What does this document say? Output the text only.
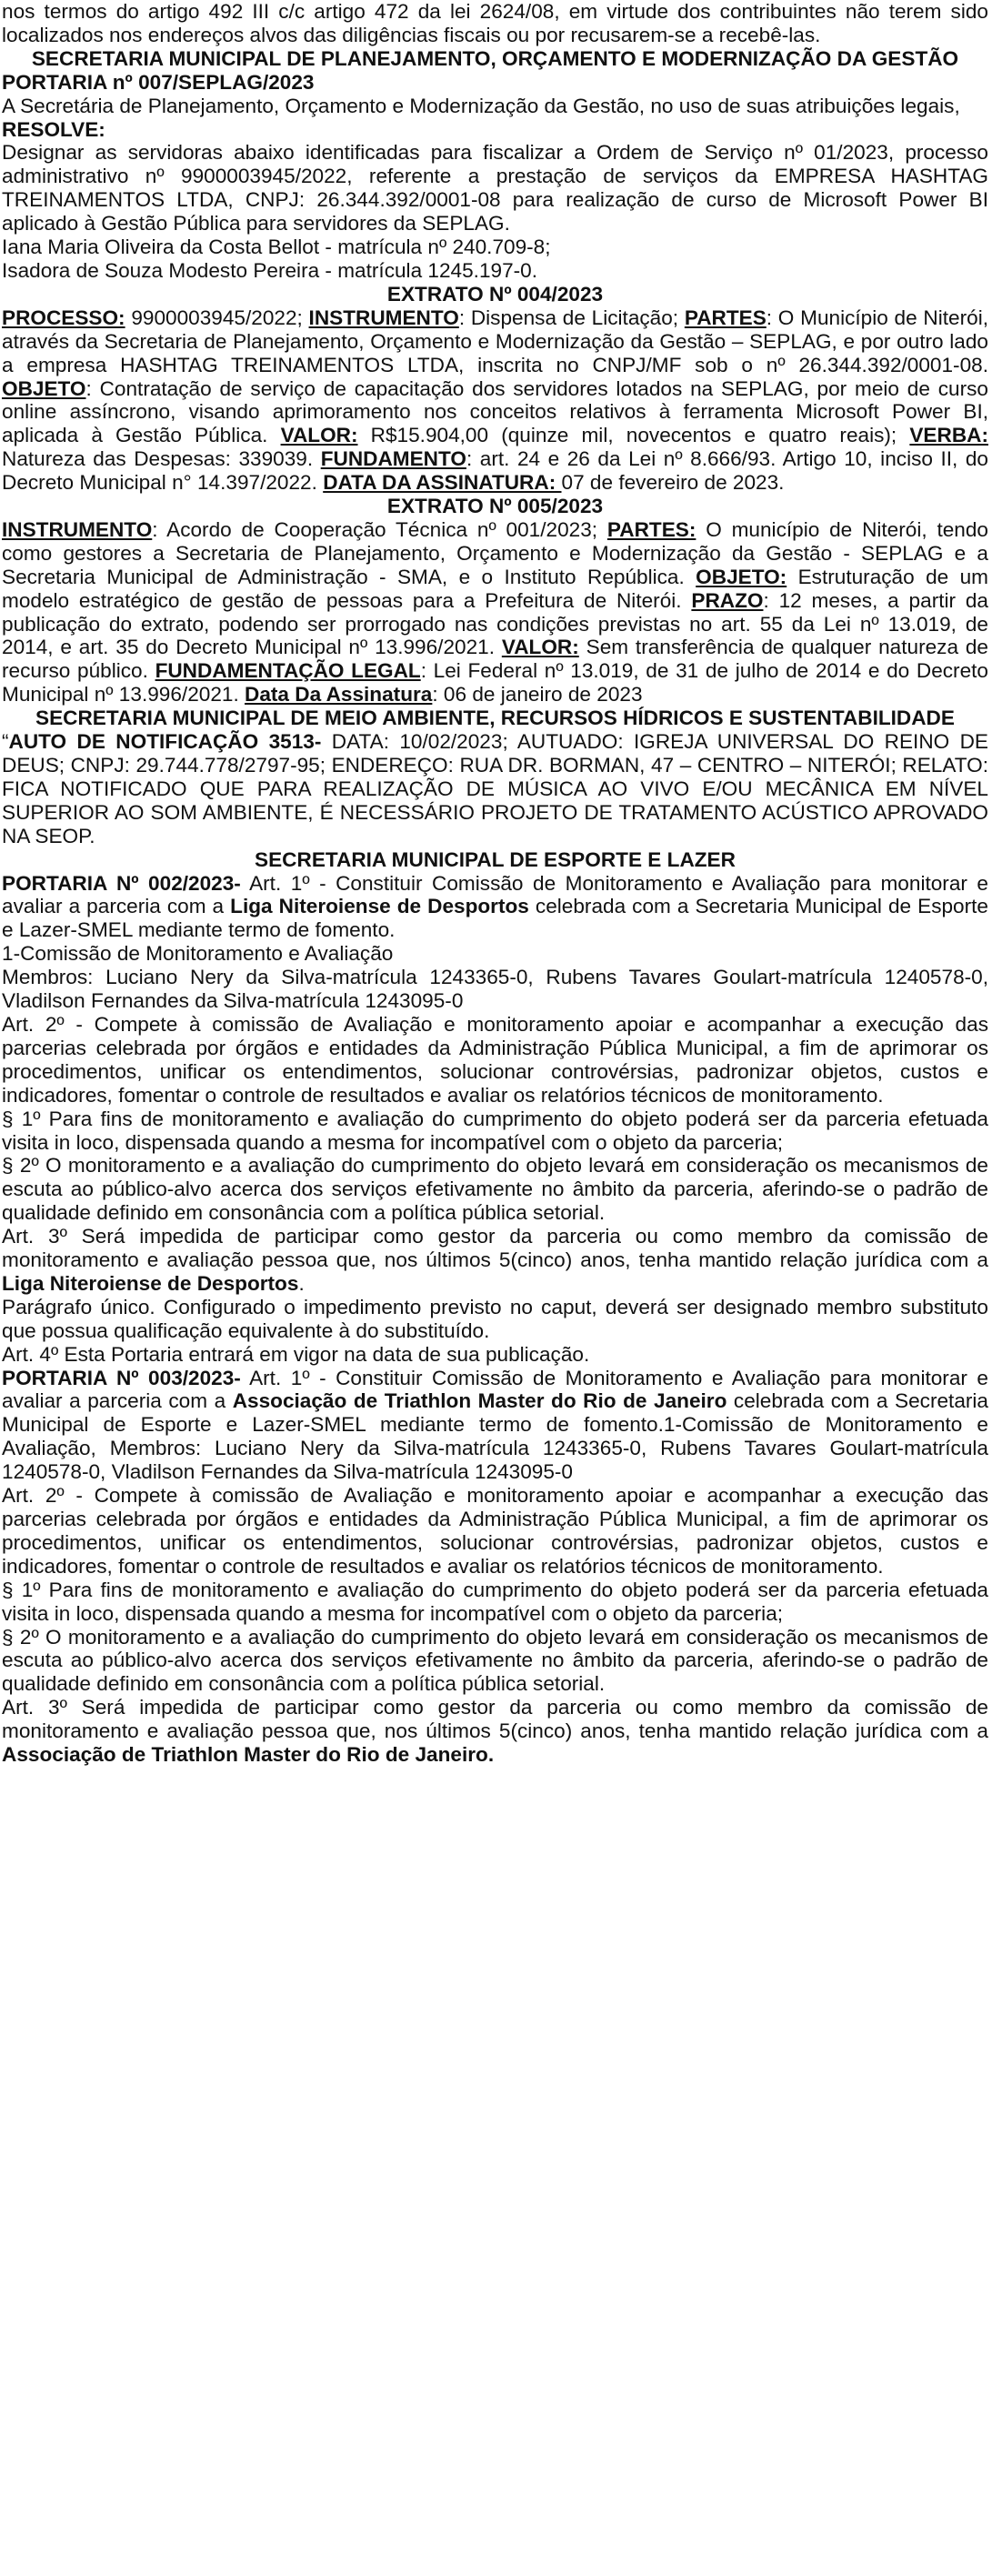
nos termos do artigo 492 III c/c artigo 472 da lei 2624/08, em virtude dos contribuintes não terem sido localizados nos endereços alvos das diligências fiscais ou por recusarem-se a recebê-las.

SECRETARIA MUNICIPAL DE PLANEJAMENTO, ORÇAMENTO E MODERNIZAÇÃO DA GESTÃO

PORTARIA nº 007/SEPLAG/2023

A Secretária de Planejamento, Orçamento e Modernização da Gestão, no uso de suas atribuições legais,

RESOLVE:

Designar as servidoras abaixo identificadas para fiscalizar a Ordem de Serviço nº 01/2023, processo administrativo nº 9900003945/2022, referente a prestação de serviços da EMPRESA HASHTAG TREINAMENTOS LTDA, CNPJ: 26.344.392/0001-08 para realização de curso de Microsoft Power BI aplicado à Gestão Pública para servidores da SEPLAG.

Iana Maria Oliveira da Costa Bellot - matrícula nº 240.709-8;

Isadora de Souza Modesto Pereira - matrícula 1245.197-0.

EXTRATO Nº 004/2023

PROCESSO: 9900003945/2022; INSTRUMENTO: Dispensa de Licitação; PARTES: O Município de Niterói, através da Secretaria de Planejamento, Orçamento e Modernização da Gestão – SEPLAG, e por outro lado a empresa HASHTAG TREINAMENTOS LTDA, inscrita no CNPJ/MF sob o nº 26.344.392/0001-08. OBJETO: Contratação de serviço de capacitação dos servidores lotados na SEPLAG, por meio de curso online assíncrono, visando aprimoramento nos conceitos relativos à ferramenta Microsoft Power BI, aplicada à Gestão Pública. VALOR: R$15.904,00 (quinze mil, novecentos e quatro reais); VERBA: Natureza das Despesas: 339039. FUNDAMENTO: art. 24 e 26 da Lei nº 8.666/93. Artigo 10, inciso II, do Decreto Municipal n° 14.397/2022. DATA DA ASSINATURA: 07 de fevereiro de 2023.

EXTRATO Nº 005/2023

INSTRUMENTO: Acordo de Cooperação Técnica nº 001/2023; PARTES: O município de Niterói, tendo como gestores a Secretaria de Planejamento, Orçamento e Modernização da Gestão - SEPLAG e a Secretaria Municipal de Administração - SMA, e o Instituto República. OBJETO: Estruturação de um modelo estratégico de gestão de pessoas para a Prefeitura de Niterói. PRAZO: 12 meses, a partir da publicação do extrato, podendo ser prorrogado nas condições previstas no art. 55 da Lei nº 13.019, de 2014, e art. 35 do Decreto Municipal nº 13.996/2021. VALOR: Sem transferência de qualquer natureza de recurso público. FUNDAMENTAÇÃO LEGAL: Lei Federal nº 13.019, de 31 de julho de 2014 e do Decreto Municipal nº 13.996/2021. Data Da Assinatura: 06 de janeiro de 2023

SECRETARIA MUNICIPAL DE MEIO AMBIENTE, RECURSOS HÍDRICOS E SUSTENTABILIDADE

“AUTO DE NOTIFICAÇÃO 3513- DATA: 10/02/2023; AUTUADO: IGREJA UNIVERSAL DO REINO DE DEUS; CNPJ: 29.744.778/2797-95; ENDEREÇO: RUA DR. BORMAN, 47 – CENTRO – NITERÓI; RELATO: FICA NOTIFICADO QUE PARA REALIZAÇÃO DE MÚSICA AO VIVO E/OU MECÂNICA EM NÍVEL SUPERIOR AO SOM AMBIENTE, É NECESSÁRIO PROJETO DE TRATAMENTO ACÚSTICO APROVADO NA SEOP.

SECRETARIA MUNICIPAL DE ESPORTE E LAZER

PORTARIA Nº 002/2023- Art. 1º - Constituir Comissão de Monitoramento e Avaliação para monitorar e avaliar a parceria com a Liga Niteroiense de Desportos celebrada com a Secretaria Municipal de Esporte e Lazer-SMEL mediante termo de fomento.

1-Comissão de Monitoramento e Avaliação

Membros: Luciano Nery da Silva-matrícula 1243365-0, Rubens Tavares Goulart-matrícula 1240578-0, Vladilson Fernandes da Silva-matrícula 1243095-0

Art. 2º - Compete à comissão de Avaliação e monitoramento apoiar e acompanhar a execução das parcerias celebrada por órgãos e entidades da Administração Pública Municipal, a fim de aprimorar os procedimentos, unificar os entendimentos, solucionar controvérsias, padronizar objetos, custos e indicadores, fomentar o controle de resultados e avaliar os relatórios técnicos de monitoramento.

§ 1º Para fins de monitoramento e avaliação do cumprimento do objeto poderá ser da parceria efetuada visita in loco, dispensada quando a mesma for incompatível com o objeto da parceria;

§ 2º O monitoramento e a avaliação do cumprimento do objeto levará em consideração os mecanismos de escuta ao público-alvo acerca dos serviços efetivamente no âmbito da parceria, aferindo-se o padrão de qualidade definido em consonância com a política pública setorial.

Art. 3º Será impedida de participar como gestor da parceria ou como membro da comissão de monitoramento e avaliação pessoa que, nos últimos 5(cinco) anos, tenha mantido relação jurídica com a Liga Niteroiense de Desportos.

Parágrafo único. Configurado o impedimento previsto no caput, deverá ser designado membro substituto que possua qualificação equivalente à do substituído.

Art. 4º Esta Portaria entrará em vigor na data de sua publicação.

PORTARIA Nº 003/2023- Art. 1º - Constituir Comissão de Monitoramento e Avaliação para monitorar e avaliar a parceria com a Associação de Triathlon Master do Rio de Janeiro celebrada com a Secretaria Municipal de Esporte e Lazer-SMEL mediante termo de fomento.1-Comissão de Monitoramento e Avaliação, Membros: Luciano Nery da Silva-matrícula 1243365-0, Rubens Tavares Goulart-matrícula 1240578-0, Vladilson Fernandes da Silva-matrícula 1243095-0

Art. 2º - Compete à comissão de Avaliação e monitoramento apoiar e acompanhar a execução das parcerias celebrada por órgãos e entidades da Administração Pública Municipal, a fim de aprimorar os procedimentos, unificar os entendimentos, solucionar controvérsias, padronizar objetos, custos e indicadores, fomentar o controle de resultados e avaliar os relatórios técnicos de monitoramento.

§ 1º Para fins de monitoramento e avaliação do cumprimento do objeto poderá ser da parceria efetuada visita in loco, dispensada quando a mesma for incompatível com o objeto da parceria;

§ 2º O monitoramento e a avaliação do cumprimento do objeto levará em consideração os mecanismos de escuta ao público-alvo acerca dos serviços efetivamente no âmbito da parceria, aferindo-se o padrão de qualidade definido em consonância com a política pública setorial.

Art. 3º Será impedida de participar como gestor da parceria ou como membro da comissão de monitoramento e avaliação pessoa que, nos últimos 5(cinco) anos, tenha mantido relação jurídica com a Associação de Triathlon Master do Rio de Janeiro.
